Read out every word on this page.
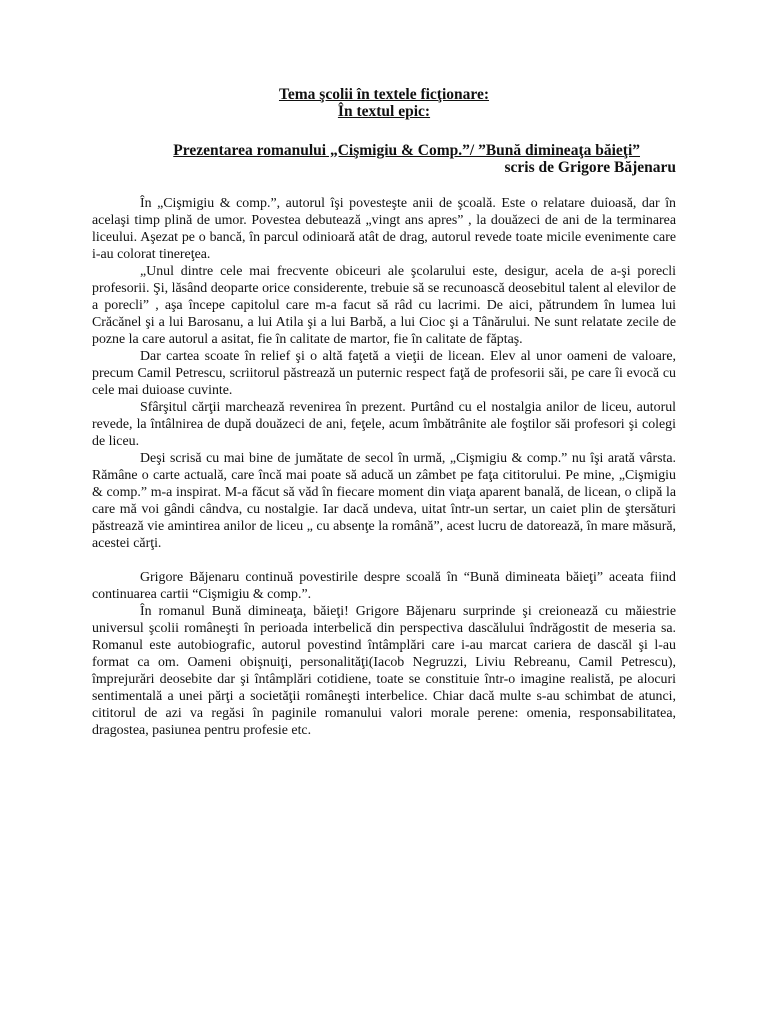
Tema şcolii în textele ficţionare:

În textul epic:

Prezentarea romanului „Cişmigiu & Comp.”/ ”Bună dimineaţa băieţi”

scris de Grigore Băjenaru

În „Cişmigiu & comp.”, autorul îşi povesteşte anii de şcoală. Este o relatare duioasă, dar în acelaşi timp plină de umor. Povestea debutează „vingt ans apres” , la douăzeci de ani de la terminarea liceului. Aşezat pe o bancă, în parcul odinioară atât de drag, autorul revede toate micile evenimente care i-au colorat tinereţea.

„Unul dintre cele mai frecvente obiceuri ale şcolarului este, desigur, acela de a-şi porecli profesorii. Şi, lăsând deoparte orice considerente, trebuie să se recunoască deosebitul talent al elevilor de a porecli” , aşa începe capitolul care m-a facut să râd cu lacrimi. De aici, pătrundem în lumea lui Crăcănel şi a lui Barosanu, a lui Atila şi a lui Barbă, a lui Cioc şi a Tânărului. Ne sunt relatate zecile de pozne la care autorul a asitat, fie în calitate de martor, fie în calitate de făptaş.

Dar cartea scoate în relief şi o altă faţetă a vieţii de licean. Elev al unor oameni de valoare, precum Camil Petrescu, scriitorul păstrează un puternic respect faţă de profesorii săi, pe care îi evocă cu cele mai duioase cuvinte.

Sfârşitul cărţii marchează revenirea în prezent. Purtând cu el nostalgia anilor de liceu, autorul revede, la întâlnirea de după douăzeci de ani, feţele, acum îmbătrânite ale foştilor săi profesori şi colegi de liceu.

Deşi scrisă cu mai bine de jumătate de secol în urmă, „Cişmigiu & comp.” nu îşi arată vârsta. Rămâne o carte actuală, care încă mai poate să aducă un zâmbet pe faţa cititorului. Pe mine, „Cişmigiu & comp.” m-a inspirat. M-a făcut să văd în fiecare moment din viaţa aparent banală, de licean, o clipă la care mă voi gândi cândva, cu nostalgie. Iar dacă undeva, uitat într-un sertar, un caiet plin de ştersături păstrează vie amintirea anilor de liceu „ cu absenţe la română”, acest lucru de datorează, în mare măsură, acestei cărţi.

Grigore Băjenaru continuă povestirile despre scoală în “Bună dimineata băieţi” aceata fiind continuarea cartii “Cişmigiu & comp.”.

În romanul Bună dimineaţa, băieţi! Grigore Băjenaru surprinde şi creionează cu măiestrie universul şcolii româneşti în perioada interbelică din perspectiva dascălului îndrăgostit de meseria sa. Romanul este autobiografic, autorul povestind întâmplări care i-au marcat cariera de dascăl şi l-au format ca om. Oameni obişnuiţi, personalităţi(Iacob Negruzzi, Liviu Rebreanu, Camil Petrescu), împrejurări deosebite dar şi întâmplări cotidiene, toate se constituie într-o imagine realistă, pe alocuri sentimentală a unei părţi a societăţii româneşti interbelice. Chiar dacă multe s-au schimbat de atunci, cititorul de azi va regăsi în paginile romanului valori morale perene: omenia, responsabilitatea, dragostea, pasiunea pentru profesie etc.
